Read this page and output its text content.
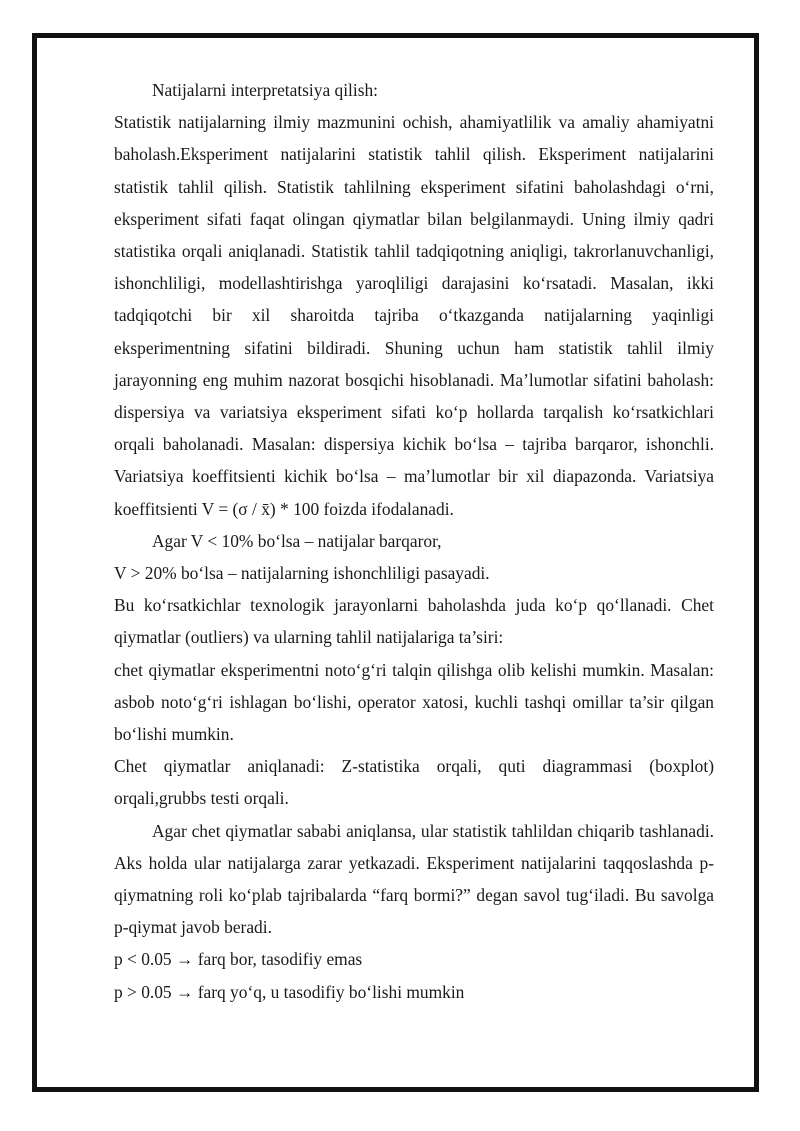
Natijalarni interpretatsiya qilish:

Statistik natijalarning ilmiy mazmunini ochish, ahamiyatlilik va amaliy ahamiyatni baholash.Eksperiment natijalarini statistik tahlil qilish. Eksperiment natijalarini statistik tahlil qilish. Statistik tahlilning eksperiment sifatini baholashdagi o‘rni, eksperiment sifati faqat olingan qiymatlar bilan belgilanmaydi. Uning ilmiy qadri statistika orqali aniqlanadi. Statistik tahlil tadqiqotning aniqligi, takrorlanuvchanligi, ishonchliligi, modellashtirishga yaroqliligi darajasini ko‘rsatadi. Masalan, ikki tadqiqotchi bir xil sharoitda tajriba o‘tkazganda natijalarning yaqinligi eksperimentning sifatini bildiradi. Shuning uchun ham statistik tahlil ilmiy jarayonning eng muhim nazorat bosqichi hisoblanadi. Ma’lumotlar sifatini baholash: dispersiya va variatsiya eksperiment sifati ko‘p hollarda tarqalish ko‘rsatkichlari orqali baholanadi. Masalan: dispersiya kichik bo‘lsa – tajriba barqaror, ishonchli. Variatsiya koeffitsienti kichik bo‘lsa – ma’lumotlar bir xil diapazonda. Variatsiya koeffitsienti V = (σ / x̄) * 100 foizda ifodalanadi.

Agar V < 10% bo‘lsa – natijalar barqaror,

V > 20% bo‘lsa – natijalarning ishonchliligi pasayadi.

Bu ko‘rsatkichlar texnologik jarayonlarni baholashda juda ko‘p qo‘llanadi. Chet qiymatlar (outliers) va ularning tahlil natijalariga ta’siri:

chet qiymatlar eksperimentni noto‘g‘ri talqin qilishga olib kelishi mumkin. Masalan: asbob noto‘g‘ri ishlagan bo‘lishi, operator xatosi, kuchli tashqi omillar ta’sir qilgan bo‘lishi mumkin.

Chet qiymatlar aniqlanadi: Z-statistika orqali, quti diagrammasi (boxplot) orqali,grubbs testi orqali.

Agar chet qiymatlar sababi aniqlansa, ular statistik tahlildan chiqarib tashlanadi. Aks holda ular natijalarga zarar yetkazadi. Eksperiment natijalarini taqqoslashda p-qiymatning roli ko‘plab tajribalarda “farq bormi?” degan savol tug‘iladi. Bu savolga p-qiymat javob beradi.

p < 0.05 → farq bor, tasodifiy emas

p > 0.05 → farq yo‘q, u tasodifiy bo‘lishi mumkin
